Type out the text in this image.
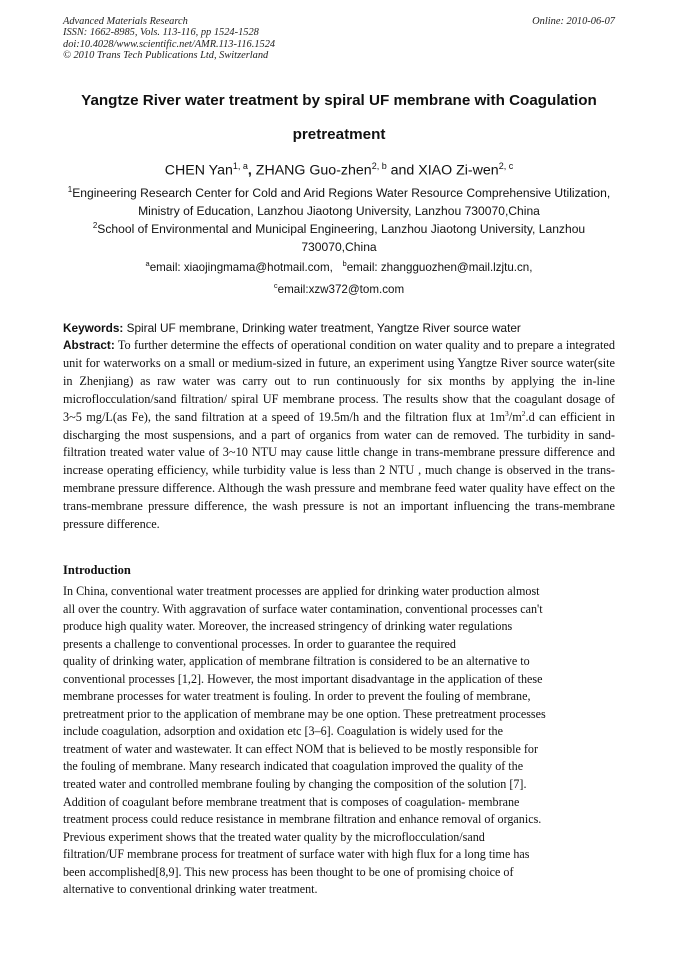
Advanced Materials Research
ISSN: 1662-8985, Vols. 113-116, pp 1524-1528
doi:10.4028/www.scientific.net/AMR.113-116.1524
© 2010 Trans Tech Publications Ltd, Switzerland
Online: 2010-06-07
Yangtze River water treatment by spiral UF membrane with Coagulation
pretreatment
CHEN Yan$^{1, a}$, ZHANG Guo-zhen$^{2, b}$ and XIAO Zi-wen$^{2, c}$
$^1$Engineering Research Center for Cold and Arid Regions Water Resource Comprehensive Utilization, Ministry of Education, Lanzhou Jiaotong University, Lanzhou 730070,China
$^2$School of Environmental and Municipal Engineering, Lanzhou Jiaotong University, Lanzhou 730070,China
$^a$email: xiaojingmama@hotmail.com, $^b$email: zhangguozhen@mail.lzjtu.cn,
$^c$email:xzw372@tom.com
Keywords: Spiral UF membrane, Drinking water treatment, Yangtze River source water
Abstract: To further determine the effects of operational condition on water quality and to prepare a integrated unit for waterworks on a small or medium-sized in future, an experiment using Yangtze River source water(site in Zhenjiang) as raw water was carry out to run continuously for six months by applying the in-line microflocculation/sand filtration/ spiral UF membrane process. The results show that the coagulant dosage of 3~5 mg/L(as Fe), the sand filtration at a speed of 19.5m/h and the filtration flux at $1m^3/m^2.d$ can efficient in discharging the most suspensions, and a part of organics from water can de removed. The turbidity in sand-filtration treated water value of 3~10 NTU may cause little change in trans-membrane pressure difference and increase operating efficiency, while turbidity value is less than 2 NTU , much change is observed in the trans-membrane pressure difference. Although the wash pressure and membrane feed water quality have effect on the trans-membrane pressure difference, the wash pressure is not an important influencing the trans-membrane pressure difference.
Introduction
In China, conventional water treatment processes are applied for drinking water production almost
all over the country. With aggravation of surface water contamination, conventional processes can't
produce high quality water. Moreover, the increased stringency of drinking water regulations
presents a challenge to conventional processes. In order to guarantee the required
quality of drinking water, application of membrane filtration is considered to be an alternative to
conventional processes [1,2]. However, the most important disadvantage in the application of these
membrane processes for water treatment is fouling. In order to prevent the fouling of membrane,
pretreatment prior to the application of membrane may be one option. These pretreatment processes
include coagulation, adsorption and oxidation etc [3–6]. Coagulation is widely used for the
treatment of water and wastewater. It can effect NOM that is believed to be mostly responsible for
the fouling of membrane. Many research indicated that coagulation improved the quality of the
treated water and controlled membrane fouling by changing the composition of the solution [7].
Addition of coagulant before membrane treatment that is composes of coagulation- membrane
treatment process could reduce resistance in membrane filtration and enhance removal of organics.
Previous experiment shows that the treated water quality by the microflocculation/sand
filtration/UF membrane process for treatment of surface water with high flux for a long time has
been accomplished[8,9]. This new process has been thought to be one of promising choice of
alternative to conventional drinking water treatment.
